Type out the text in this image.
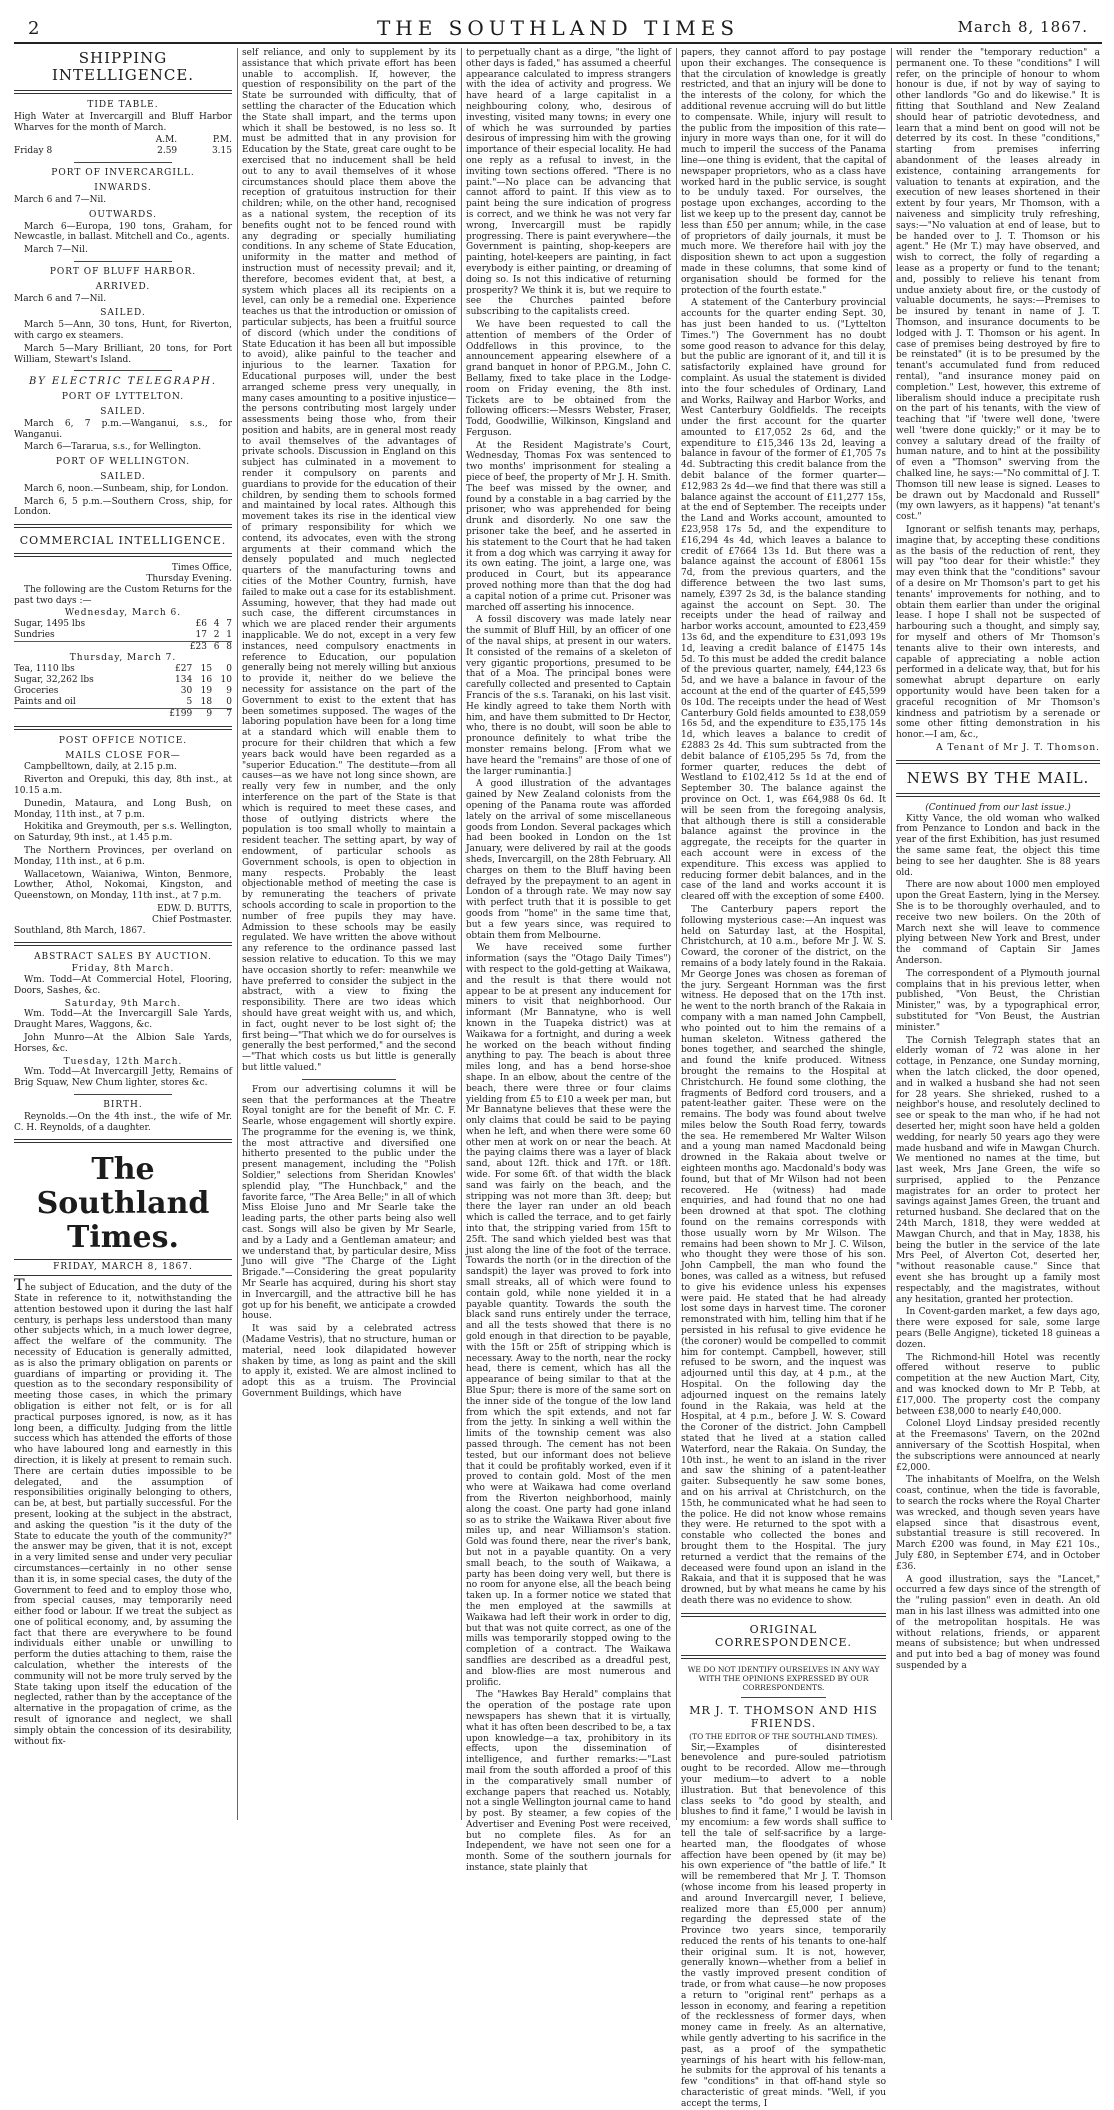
2	THE SOUTHLAND TIMES	March 8, 1867.
SHIPPING INTELLIGENCE.
TIDE TABLE.

High Water at Invercargill and Bluff Harbor Wharves for the month of March.

	A.M.	P.M.
Friday 8	2.59	3.15
PORT OF INVERCARGILL.
INWARDS.

March 6 and 7—Nil.

OUTWARDS.

March 6—Europa, 190 tons, Graham, for Newcastle, in ballast. Mitchell and Co., agents.

March 7—Nil.

PORT OF BLUFF HARBOR.
ARRIVED.

March 6 and 7—Nil.

SAILED.

March 5—Ann, 30 tons, Hunt, for Riverton, with cargo ex steamers.

March 5—Mary Brilliant, 20 tons, for Port William, Stewart's Island.

BY ELECTRIC TELEGRAPH.
PORT OF LYTTELTON.
SAILED.

March 6, 7 p.m.—Wanganui, s.s., for Wanganui.

March 6—Tararua, s.s., for Wellington.

PORT OF WELLINGTON.
SAILED.

March 6, noon.—Sunbeam, ship, for London.

March 6, 5 p.m.—Southern Cross, ship, for London.

COMMERCIAL INTELLIGENCE.
Times Office,
Thursday Evening.

The following are the Custom Returns for the past two days :—

Wednesday, March 6.
Sugar, 1495 lbs	£6	4	7
Sundries	17	2	1
	£23	6	8
Thursday, March 7.
Tea, 1110 lbs	£27	15	0
Sugar, 32,262 lbs	134	16	10
Groceries	30	19	9
Paints and oil	5	18	0
	£199	9	7
POST OFFICE NOTICE.
MAILS CLOSE FOR—

Campbelltown, daily, at 2.15 p.m.

Riverton and Orepuki, this day, 8th inst., at 10.15 a.m.

Dunedin, Mataura, and Long Bush, on Monday, 11th inst., at 7 p.m.

Hokitika and Greymouth, per s.s. Wellington, on Saturday, 9th inst., at 1.45 p.m.

The Northern Provinces, per overland on Monday, 11th inst., at 6 p.m.

Wallacetown, Waianiwa, Winton, Benmore, Lowther, Athol, Nokomai, Kingston, and Queenstown, on Monday, 11th inst., at 7 p.m.

EDW. D. BUTTS,
Chief Postmaster.

Southland, 8th March, 1867.

ABSTRACT SALES BY AUCTION.
Friday, 8th March.

Wm. Todd—At Commercial Hotel, Flooring, Doors, Sashes, &c.

Saturday, 9th March.

Wm. Todd—At the Invercargill Sale Yards, Draught Mares, Waggons, &c.

John Munro—At the Albion Sale Yards, Horses, &c.

Tuesday, 12th March.

Wm. Todd—At Invercargill Jetty, Remains of Brig Squaw, New Chum lighter, stores &c.

BIRTH.

Reynolds.—On the 4th inst., the wife of Mr. C. H. Reynolds, of a daughter.

The Southland Times.
FRIDAY, MARCH 8, 1867.

The subject of Education, and the duty of the State in reference to it, notwithstanding the attention bestowed upon it during the last half century, is perhaps less understood than many other subjects which, in a much lower degree, affect the welfare of the community. The necessity of Education is generally admitted, as is also the primary obligation on parents or guardians of imparting or providing it. The question as to the secondary responsibility of meeting those cases, in which the primary obligation is either not felt, or is for all practical purposes ignored, is now, as it has long been, a difficulty. Judging from the little success which has attended the efforts of those who have laboured long and earnestly in this direction, it is likely at present to remain such. There are certain duties impossible to be delegated, and the assumption of responsibilities originally belonging to others, can be, at best, but partially successful. For the present, looking at the subject in the abstract, and asking the question "is it the duty of the State to educate the youth of the community?" the answer may be given, that it is not, except in a very limited sense and under very peculiar circumstances—certainly in no other sense than it is, in some special cases, the duty of the Government to feed and to employ those who, from special causes, may temporarily need either food or labour. If we treat the subject as one of political economy, and, by assuming the fact that there are everywhere to be found individuals either unable or unwilling to perform the duties attaching to them, raise the calculation, whether the interests of the community will not be more truly served by the State taking upon itself the education of the neglected, rather than by the acceptance of the alternative in the propagation of crime, as the result of ignorance and neglect, we shall simply obtain the concession of its desirability, without fix-

self reliance, and only to supplement by its assistance that which private effort has been unable to accomplish. If, however, the question of responsibility on the part of the State be surrounded with difficulty, that of settling the character of the Education which the State shall impart, and the terms upon which it shall be bestowed, is no less so. It must be admitted that in any provision for Education by the State, great care ought to be exercised that no inducement shall be held out to any to avail themselves of it whose circumstances should place them above the reception of gratuitous instruction for their children; while, on the other hand, recognised as a national system, the reception of its benefits ought not to be fenced round with any degrading or specially humiliating conditions. In any scheme of State Education, uniformity in the matter and method of instruction must of necessity prevail; and it, therefore, becomes evident that, at best, a system which places all its recipients on a level, can only be a remedial one. Experience teaches us that the introduction or omission of particular subjects, has been a fruitful source of discord (which under the conditions of State Education it has been all but impossible to avoid), alike painful to the teacher and injurious to the learner. Taxation for Educational purposes will, under the best arranged scheme press very unequally, in many cases amounting to a positive injustice—the persons contributing most largely under assessments being those who, from their position and habits, are in general most ready to avail themselves of the advantages of private schools. Discussion in England on this subject has culminated in a movement to render it compulsory on parents and guardians to provide for the education of their children, by sending them to schools formed and maintained by local rates. Although this movement takes its rise in the identical view of primary responsibility for which we contend, its advocates, even with the strong arguments at their command which the densely populated and much neglected quarters of the manufacturing towns and cities of the Mother Country, furnish, have failed to make out a case for its establishment. Assuming, however, that they had made out such case, the different circumstances in which we are placed render their arguments inapplicable. We do not, except in a very few instances, need compulsory enactments in reference to Education, our population generally being not merely willing but anxious to provide it, neither do we believe the necessity for assistance on the part of the Government to exist to the extent that has been sometimes supposed. The wages of the laboring population have been for a long time at a standard which will enable them to procure for their children that which a few years back would have been regarded as a "superior Education." The destitute—from all causes—as we have not long since shown, are really very few in number, and the only interference on the part of the State is that which is required to meet these cases, and those of outlying districts where the population is too small wholly to maintain a resident teacher. The setting apart, by way of endowment, of particular schools as Government schools, is open to objection in many respects. Probably the least objectionable method of meeting the case is by remunerating the teachers of private schools according to scale in proportion to the number of free pupils they may have. Admission to these schools may be easily regulated. We have written the above without any reference to the ordinance passed last session relative to education. To this we may have occasion shortly to refer: meanwhile we have preferred to consider the subject in the abstract, with a view to fixing the responsibility. There are two ideas which should have great weight with us, and which, in fact, ought never to be lost sight of; the first being—"That which we do for ourselves is generally the best performed," and the second—"That which costs us but little is generally but little valued."

From our advertising columns it will be seen that the performances at the Theatre Royal tonight are for the benefit of Mr. C. F. Searle, whose engagement will shortly expire. The programme for the evening is, we think, the most attractive and diversified one hitherto presented to the public under the present management, including the "Polish Soldier," selections from Sheridan Knowles' splendid play, "The Hunchback," and the favorite farce, "The Area Belle;" in all of which Miss Eloise Juno and Mr Searle take the leading parts, the other parts being also well cast. Songs will also be given by Mr Searle, and by a Lady and a Gentleman amateur; and we understand that, by particular desire, Miss Juno will give "The Charge of the Light Brigade."—Considering the great popularity Mr Searle has acquired, during his short stay in Invercargill, and the attractive bill he has got up for his benefit, we anticipate a crowded house.

It was said by a celebrated actress (Madame Vestris), that no structure, human or material, need look dilapidated however shaken by time, as long as paint and the skill to apply it, existed. We are almost inclined to adopt this as a truism. The Provincial Government Buildings, which have

to perpetually chant as a dirge, "the light of other days is faded," has assumed a cheerful appearance calculated to impress strangers with the idea of activity and progress. We have heard of a large capitalist in a neighbouring colony, who, desirous of investing, visited many towns; in every one of which he was surrounded by parties desirous of impressing him with the growing importance of their especial locality. He had one reply as a refusal to invest, in the inviting town sections offered. "There is no paint."—No place can be advancing that cannot afford to paint. If this view as to paint being the sure indication of progress is correct, and we think he was not very far wrong, Invercargill must be rapidly progressing. There is paint everywhere—the Government is painting, shop-keepers are painting, hotel-keepers are painting, in fact everybody is either painting, or dreaming of doing so. Is not this indicative of returning prosperity? We think it is, but we require to see the Churches painted before subscribing to the capitalists creed.

We have been requested to call the attention of members of the Order of Oddfellows in this province, to the announcement appearing elsewhere of a grand banquet in honor of P.P.G.M., John C. Bellamy, fixed to take place in the Lodge-room on Friday evening, the 8th inst. Tickets are to be obtained from the following officers:—Messrs Webster, Fraser, Todd, Goodwillie, Wilkinson, Kingsland and Ferguson.

At the Resident Magistrate's Court, Wednesday, Thomas Fox was sentenced to two months' imprisonment for stealing a piece of beef, the property of Mr J. H. Smith. The beef was missed by the owner, and found by a constable in a bag carried by the prisoner, who was apprehended for being drunk and disorderly. No one saw the prisoner take the beef, and he asserted in his statement to the Court that he had taken it from a dog which was carrying it away for its own eating. The joint, a large one, was produced in Court, but its appearance proved nothing more than that the dog had a capital notion of a prime cut. Prisoner was marched off asserting his innocence.

A fossil discovery was made lately near the summit of Bluff Hill, by an officer of one of the naval ships, at present in our waters. It consisted of the remains of a skeleton of very gigantic proportions, presumed to be that of a Moa. The principal bones were carefully collected and presented to Captain Francis of the s.s. Taranaki, on his last visit. He kindly agreed to take them North with him, and have them submitted to Dr Hector, who, there is no doubt, will soon be able to pronounce definitely to what tribe the monster remains belong. [From what we have heard the "remains" are those of one of the larger ruminantia.]

A good illustration of the advantages gained by New Zealand colonists from the opening of the Panama route was afforded lately on the arrival of some miscellaneous goods from London. Several packages which had been booked in London on the 1st January, were delivered by rail at the goods sheds, Invercargill, on the 28th February. All charges on them to the Bluff having been defrayed by the prepayment to an agent in London of a through rate. We may now say with perfect truth that it is possible to get goods from "home" in the same time that, but a few years since, was required to obtain them from Melbourne.

We have received some further information (says the "Otago Daily Times") with respect to the gold-getting at Waikawa, and the result is that there would not appear to be at present any inducement for miners to visit that neighborhood. Our informant (Mr Bannatyne, who is well known in the Tuapeka district) was at Waikawa for a fortnight, and during a week he worked on the beach without finding anything to pay. The beach is about three miles long, and has a bend horse-shoe shape. In an elbow, about the centre of the beach, there were three or four claims yielding from £5 to £10 a week per man, but Mr Bannatyne believes that these were the only claims that could be said to be paying when he left, and when there were some 60 other men at work on or near the beach. At the paying claims there was a layer of black sand, about 12ft. thick and 17ft. or 18ft. wide. For some 6ft. of that width the black sand was fairly on the beach, and the stripping was not more than 3ft. deep; but there the layer ran under an old beach which is called the terrace, and to get fairly into that, the stripping varied from 15ft to 25ft. The sand which yielded best was that just along the line of the foot of the terrace. Towards the north (or in the direction of the sandspit) the layer was proved to fork into small streaks, all of which were found to contain gold, while none yielded it in a payable quantity. Towards the south the black sand runs entirely under the terrace, and all the tests showed that there is no gold enough in that direction to be payable, with the 15ft or 25ft of stripping which is necessary. Away to the north, near the rocky head, there is cement, which has all the appearance of being similar to that at the Blue Spur; there is more of the same sort on the inner side of the tongue of the low land from which the spit extends, and not far from the jetty. In sinking a well within the limits of the township cement was also passed through. The cement has not been tested, but our informant does not believe that it could be profitably worked, even if it proved to contain gold. Most of the men who were at Waikawa had come overland from the Riverton neighborhood, mainly along the coast. One party had gone inland so as to strike the Waikawa River about five miles up, and near Williamson's station. Gold was found there, near the river's bank, but not in a payable quantity. On a very small beach, to the south of Waikawa, a party has been doing very well, but there is no room for anyone else, all the beach being taken up. In a former notice we stated that the men employed at the sawmills at Waikawa had left their work in order to dig, but that was not quite correct, as one of the mills was temporarily stopped owing to the completion of a contract. The Waikawa sandflies are described as a dreadful pest, and blow-flies are most numerous and prolific.

The "Hawkes Bay Herald" complains that the operation of the postage rate upon newspapers has shewn that it is virtually, what it has often been described to be, a tax upon knowledge—a tax, prohibitory in its effects, upon the dissemination of intelligence, and further remarks:—"Last mail from the south afforded a proof of this in the comparatively small number of exchange papers that reached us. Notably, not a single Wellington journal came to hand by post. By steamer, a few copies of the Advertiser and Evening Post were received, but no complete files. As for an Independent, we have not seen one for a month. Some of the southern journals for instance, state plainly that

papers, they cannot afford to pay postage upon their exchanges. The consequence is that the circulation of knowledge is greatly restricted, and that an injury will be done to the interests of the colony, for which the additional revenue accruing will do but little to compensate. While, injury will result to the public from the imposition of this rate—injury in more ways than one, for it will do much to imperil the success of the Panama line—one thing is evident, that the capital of newspaper proprietors, who as a class have worked hard in the public service, is sought to be unduly taxed. For ourselves, the postage upon exchanges, according to the list we keep up to the present day, cannot be less than £50 per annum; while, in the case of proprietors of daily journals, it must be much more. We therefore hail with joy the disposition shewn to act upon a suggestion made in these columns, that some kind of organisation should be formed for the protection of the fourth estate."

A statement of the Canterbury provincial accounts for the quarter ending Sept. 30, has just been handed to us. ("Lyttelton Times.") The Government has no doubt some good reason to advance for this delay, but the public are ignorant of it, and till it is satisfactorily explained have ground for complaint. As usual the statement is divided into the four schedules of Ordinary, Land and Works, Railway and Harbor Works, and West Canterbury Goldfields. The receipts under the first account for the quarter amounted to £17,052 2s 6d, and the expenditure to £15,346 13s 2d, leaving a balance in favour of the former of £1,705 7s 4d. Subtracting this credit balance from the debit balance of the former quarter—£12,983 2s 4d—we find that there was still a balance against the account of £11,277 15s, at the end of September. The receipts under the Land and Works account, amounted to £23,958 17s 5d, and the expenditure to £16,294 4s 4d, which leaves a balance to credit of £7664 13s 1d. But there was a balance against the account of £8061 15s 7d, from the previous quarters, and the difference between the two last sums, namely, £397 2s 3d, is the balance standing against the account on Sept. 30. The receipts under the head of railway and harbor works account, amounted to £23,459 13s 6d, and the expenditure to £31,093 19s 1d, leaving a credit balance of £1475 14s 5d. To this must be added the credit balance of the previous quarter, namely, £44,123 6s 5d, and we have a balance in favour of the account at the end of the quarter of £45,599 0s 10d. The receipts under the head of West Canterbury Gold fields amounted to £38,059 16s 5d, and the expenditure to £35,175 14s 1d, which leaves a balance to credit of £2883 2s 4d. This sum subtracted from the debit balance of £105,295 5s 7d, from the former quarter, reduces the debt of Westland to £102,412 5s 1d at the end of September 30. The balance against the province on Oct. 1, was £64,988 0s 6d. It will be seen from the foregoing analysis, that although there is still a considerable balance against the province in the aggregate, the receipts for the quarter in each account were in excess of the expenditure. This excess was applied to reducing former debit balances, and in the case of the land and works account it is cleared off with the exception of some £400.

The Canterbury papers report the following mysterious case:—An inquest was held on Saturday last, at the Hospital, Christchurch, at 10 a.m., before Mr J. W. S. Coward, the coroner of the district, on the remains of a body lately found in the Rakaia. Mr George Jones was chosen as foreman of the jury. Sergeant Hornman was the first witness. He deposed that on the 17th inst. he went to the north branch of the Rakaia in company with a man named John Campbell, who pointed out to him the remains of a human skeleton. Witness gathered the bones together, and searched the shingle, and found the knife produced. Witness brought the remains to the Hospital at Christchurch. He found some clothing, the fragments of Bedford cord trousers, and a patent-leather gaiter. These were on the remains. The body was found about twelve miles below the South Road ferry, towards the sea. He remembered Mr Walter Wilson and a young man named Macdonald being drowned in the Rakaia about twelve or eighteen months ago. Macdonald's body was found, but that of Mr Wilson had not been recovered. He (witness) had made enquiries, and had found that no one had been drowned at that spot. The clothing found on the remains corresponds with those usually worn by Mr Wilson. The remains had been shown to Mr J. C. Wilson, who thought they were those of his son. John Campbell, the man who found the bones, was called as a witness, but refused to give his evidence unless his expenses were paid. He stated that he had already lost some days in harvest time. The coroner remonstrated with him, telling him that if he persisted in his refusal to give evidence he (the coroner) would be compelled to commit him for contempt. Campbell, however, still refused to be sworn, and the inquest was adjourned until this day, at 4 p.m., at the Hospital. On the following day the adjourned inquest on the remains lately found in the Rakaia, was held at the Hospital, at 4 p.m., before J. W. S. Coward the Coroner of the district. John Campbell stated that he lived at a station called Waterford, near the Rakaia. On Sunday, the 10th inst., he went to an island in the river and saw the shining of a patent-leather gaiter. Subsequently he saw some bones, and on his arrival at Christchurch, on the 15th, he communicated what he had seen to the police. He did not know whose remains they were. He returned to the spot with a constable who collected the bones and brought them to the Hospital. The jury returned a verdict that the remains of the deceased were found upon an island in the Rakaia, and that it is supposed that he was drowned, but by what means he came by his death there was no evidence to show.

ORIGINAL CORRESPONDENCE.
WE DO NOT IDENTIFY OURSELVES IN ANY WAY WITH THE OPINIONS EXPRESSED BY OUR CORRESPONDENTS.
MR J. T. THOMSON AND HIS FRIENDS.
(TO THE EDITOR OF THE SOUTHLAND TIMES).

Sir,—Examples of disinterested benevolence and pure-souled patriotism ought to be recorded. Allow me—through your medium—to advert to a noble illustration. But that benevolence of this class seeks to "do good by stealth, and blushes to find it fame," I would be lavish in my encomium: a few words shall suffice to tell the tale of self-sacrifice by a large-hearted man, the floodgates of whose affection have been opened by (it may be) his own experience of "the battle of life." It will be remembered that Mr J. T. Thomson (whose income from his leased property in and around Invercargill never, I believe, realized more than £5,000 per annum) regarding the depressed state of the Province two years since, temporarily reduced the rents of his tenants to one-half their original sum. It is not, however, generally known—whether from a belief in the vastly improved present condition of trade, or from what cause—he now proposes a return to "original rent" perhaps as a lesson in economy, and fearing a repetition of the recklessness of former days, when money came in freely. As an alternative, while gently adverting to his sacrifice in the past, as a proof of the sympathetic yearnings of his heart with his fellow-man, he submits for the approval of his tenants a few "conditions" in that off-hand style so characteristic of great minds. "Well, if you accept the terms, I

will render the "temporary reduction" a permanent one. To these "conditions" I will refer, on the principle of honour to whom honour is due, if not by way of saying to other landlords "Go and do likewise." It is fitting that Southland and New Zealand should hear of patriotic devotedness, and learn that a mind bent on good will not be deterred by its cost. In these "conditions," starting from premises inferring abandonment of the leases already in existence, containing arrangements for valuation to tenants at expiration, and the execution of new leases shortened in their extent by four years, Mr Thomson, with a naiveness and simplicity truly refreshing, says:—"No valuation at end of lease, but to be handed over to J. T. Thomson or his agent." He (Mr T.) may have observed, and wish to correct, the folly of regarding a lease as a property or fund to the tenant; and, possibly to relieve his tenant from undue anxiety about fire, or the custody of valuable documents, he says:—Premises to be insured by tenant in name of J. T. Thomson, and insurance documents to be lodged with J. T. Thomson or his agent. In case of premises being destroyed by fire to be reinstated" (it is to be presumed by the tenant's accumulated fund from reduced rental), "and insurance money paid on completion." Lest, however, this extreme of liberalism should induce a precipitate rush on the part of his tenants, with the view of teaching that "if 'twere well done, 'twere well 'twere done quickly;" or it may be to convey a salutary dread of the frailty of human nature, and to hint at the possibility of even a "Thomson" swerving from the chalked line, he says:—"No committal of J. T. Thomson till new lease is signed. Leases to be drawn out by Macdonald and Russell" (my own lawyers, as it happens) "at tenant's cost."

Ignorant or selfish tenants may, perhaps, imagine that, by accepting these conditions as the basis of the reduction of rent, they will pay "too dear for their whistle:" they may even think that the "conditions" savour of a desire on Mr Thomson's part to get his tenants' improvements for nothing, and to obtain them earlier than under the original lease. I hope I shall not be suspected of harbouring such a thought, and simply say, for myself and others of Mr Thomson's tenants alive to their own interests, and capable of appreciating a noble action performed in a delicate way, that, but for his somewhat abrupt departure on early opportunity would have been taken for a graceful recognition of Mr Thomson's kindness and patriotism by a serenade or some other fitting demonstration in his honor.—I am, &c.,

A Tenant of Mr J. T. Thomson.

NEWS BY THE MAIL.
(Continued from our last issue.)

Kitty Vance, the old woman who walked from Penzance to London and back in the year of the first Exhibition, has just resumed the same same feat, the object this time being to see her daughter. She is 88 years old.

There are now about 1000 men employed upon the Great Eastern, lying in the Mersey. She is to be thoroughly overhauled, and to receive two new boilers. On the 20th of March next she will leave to commence plying between New York and Brest, under the command of Captain Sir James Anderson.

The correspondent of a Plymouth journal complains that in his previous letter, when published, "Von Beust, the Christian Minister," was, by a typographical error, substituted for "Von Beust, the Austrian minister."

The Cornish Telegraph states that an elderly woman of 72 was alone in her cottage, in Penzance, one Sunday morning, when the latch clicked, the door opened, and in walked a husband she had not seen for 28 years. She shrieked, rushed to a neighbor's house, and resolutely declined to see or speak to the man who, if he had not deserted her, might soon have held a golden wedding, for nearly 50 years ago they were made husband and wife in Mawgan Church. We mentioned no names at the time, but last week, Mrs Jane Green, the wife so surprised, applied to the Penzance magistrates for an order to protect her savings against James Green, the truant and returned husband. She declared that on the 24th March, 1818, they were wedded at Mawgan Church, and that in May, 1838, his being the butler in the service of the late Mrs Peel, of Alverton Cot, deserted her, "without reasonable cause." Since that event she has brought up a family most respectably, and the magistrates, without any hesitation, granted her protection.

In Covent-garden market, a few days ago, there were exposed for sale, some large pears (Belle Angigne), ticketed 18 guineas a dozen.

The Richmond-hill Hotel was recently offered without reserve to public competition at the new Auction Mart, City, and was knocked down to Mr P. Tebb, at £17,000. The property cost the company between £38,000 to nearly £40,000.

Colonel Lloyd Lindsay presided recently at the Freemasons' Tavern, on the 202nd anniversary of the Scottish Hospital, when the subscriptions were announced at nearly £2,000.

The inhabitants of Moelfra, on the Welsh coast, continue, when the tide is favorable, to search the rocks where the Royal Charter was wrecked, and though seven years have elapsed since that disastrous event, substantial treasure is still recovered. In March £200 was found, in May £21 10s., July £80, in September £74, and in October £36.

A good illustration, says the "Lancet," occurred a few days since of the strength of the "ruling passion" even in death. An old man in his last illness was admitted into one of the metropolitan hospitals. He was without relations, friends, or apparent means of subsistence; but when undressed and put into bed a bag of money was found suspended by a
